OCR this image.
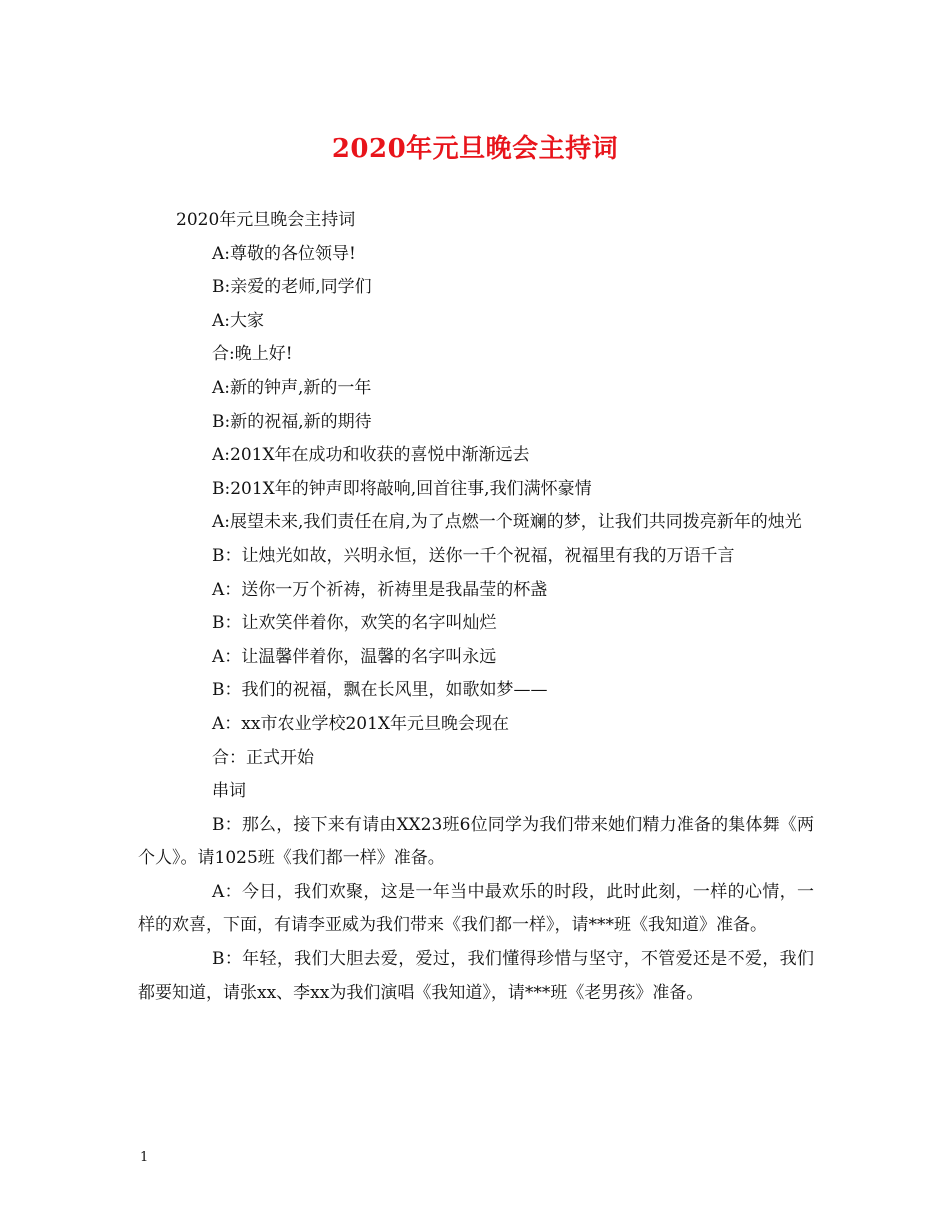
2020年元旦晚会主持词

2020年元旦晚会主持词

A:尊敬的各位领导!

B:亲爱的老师,同学们

A:大家

合:晚上好!

A:新的钟声,新的一年

B:新的祝福,新的期待

A:201X年在成功和收获的喜悦中渐渐远去

B:201X年的钟声即将敲响,回首往事,我们满怀豪情

A:展望未来,我们责任在肩,为了点燃一个斑斓的梦，让我们共同拨亮新年的烛光

B：让烛光如故，兴明永恒，送你一千个祝福，祝福里有我的万语千言

A：送你一万个祈祷，祈祷里是我晶莹的杯盏

B：让欢笑伴着你，欢笑的名字叫灿烂

A：让温馨伴着你，温馨的名字叫永远

B：我们的祝福，飘在长风里，如歌如梦——

A：xx市农业学校201X年元旦晚会现在

合：正式开始

串词

B：那么，接下来有请由XX23班6位同学为我们带来她们精力准备的集体舞《两个人》。请1025班《我们都一样》准备。

A：今日，我们欢聚，这是一年当中最欢乐的时段，此时此刻，一样的心情，一样的欢喜，下面，有请李亚威为我们带来《我们都一样》，请***班《我知道》准备。

B：年轻，我们大胆去爱，爱过，我们懂得珍惜与坚守，不管爱还是不爱，我们都要知道，请张xx、李xx为我们演唱《我知道》，请***班《老男孩》准备。

1
